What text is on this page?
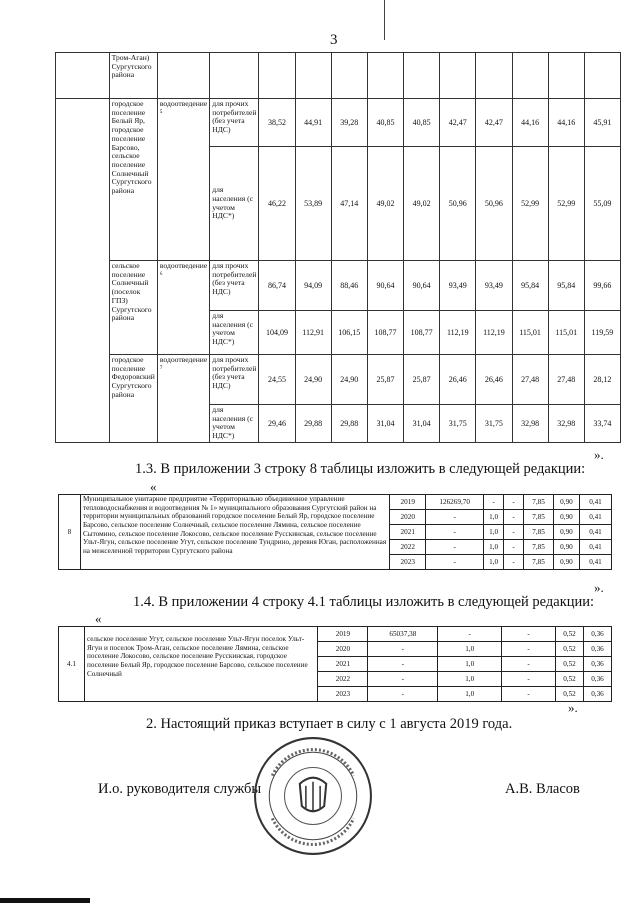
3
	Тром-Аган) Сургутского района												
	городское поселение Белый Яр, городское поселение Барсово, сельское поселение Солнечный Сургутского района	водоотведение ⁵	для прочих потребителей (без учета НДС)	38,52	44,91	39,28	40,85	40,85	42,47	42,47	44,16	44,16	45,91
			для населения (с учетом НДС*)	46,22	53,89	47,14	49,02	49,02	50,96	50,96	52,99	52,99	55,09
	сельское поселение Солнечный (поселок ГПЗ) Сургутского района	водоотведение ⁶	для прочих потребителей (без учета НДС)	86,74	94,09	88,46	90,64	90,64	93,49	93,49	95,84	95,84	99,66
			для населения (с учетом НДС*)	104,09	112,91	106,15	108,77	108,77	112,19	112,19	115,01	115,01	119,59
	городское поселение Федоровский Сургутского района	водоотведение ⁷	для прочих потребителей (без учета НДС)	24,55	24,90	24,90	25,87	25,87	26,46	26,46	27,48	27,48	28,12
			для населения (с учетом НДС*)	29,46	29,88	29,88	31,04	31,04	31,75	31,75	32,98	32,98	33,74
».
1.3. В приложении 3 строку 8 таблицы изложить в следующей редакции:
«
8	Муниципальное унитарное предприятие «Территориально объединенное управление тепловодоснабжения и водоотведения № 1» муниципального образования Сургутский район на территории муниципальных образований городское поселение Белый Яр, городское поселение Барсово, сельское поселение Солнечный, сельское поселение Лямина, сельское поселение Сытомино, сельское поселение Локосово, сельское поселение Русскинская, сельское поселение Ульт-Ягун, сельское поселение Угут, сельское поселение Тундрино, деревня Юган, расположенная на межселенной территории Сургутского района	2019	126269,70	-	-	7,85	0,90	0,41
		2020	-	1,0	-	7,85	0,90	0,41
		2021	-	1,0	-	7,85	0,90	0,41
		2022	-	1,0	-	7,85	0,90	0,41
		2023	-	1,0	-	7,85	0,90	0,41
».
1.4. В приложении 4 строку 4.1 таблицы изложить в следующей редакции:
«
4.1	сельское поселение Угут, сельское поселение Ульт-Ягун поселок Ульт-Ягун и поселок Тром-Аган, сельское поселение Лямина, сельское поселение Локосово, сельское поселение Русскинская, городское поселение Белый Яр, городское поселение Барсово, сельское поселение Солнечный	2019	65037,38	-	-	0,52	0,36
		2020	-	1,0	-	0,52	0,36
		2021	-	1,0	-	0,52	0,36
		2022	-	1,0	-	0,52	0,36
		2023	-	1,0	-	0,52	0,36
».
2. Настоящий приказ вступает в силу с 1 августа 2019 года.
И.о. руководителя службы	А.В. Власов
